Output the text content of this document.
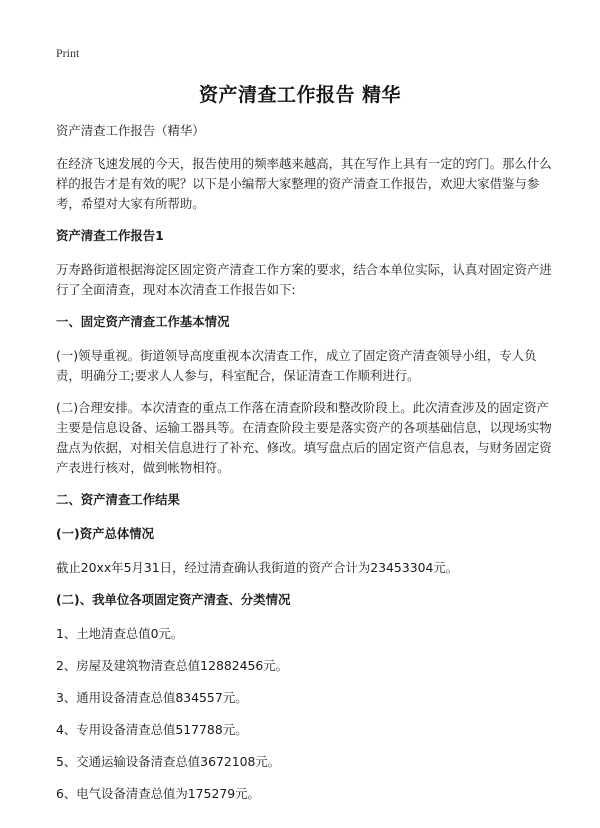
Print
资产清查工作报告 精华

资产清查工作报告（精华）

在经济飞速发展的今天，报告使用的频率越来越高，其在写作上具有一定的窍门。那么什么样的报告才是有效的呢？以下是小编帮大家整理的资产清查工作报告，欢迎大家借鉴与参考，希望对大家有所帮助。

资产清查工作报告1

万寿路街道根据海淀区固定资产清查工作方案的要求，结合本单位实际，认真对固定资产进行了全面清查，现对本次清查工作报告如下:

一、固定资产清查工作基本情况

(一)领导重视。街道领导高度重视本次清查工作，成立了固定资产清查领导小组，专人负责，明确分工;要求人人参与，科室配合，保证清查工作顺利进行。

(二)合理安排。本次清查的重点工作落在清查阶段和整改阶段上。此次清查涉及的固定资产主要是信息设备、运输工器具等。在清查阶段主要是落实资产的各项基础信息，以现场实物盘点为依据，对相关信息进行了补充、修改。填写盘点后的固定资产信息表，与财务固定资产表进行核对，做到帐物相符。

二、资产清查工作结果

(一)资产总体情况

截止20xx年5月31日，经过清查确认我街道的资产合计为23453304元。

(二)、我单位各项固定资产清查、分类情况

1、土地清查总值0元。

2、房屋及建筑物清查总值12882456元。

3、通用设备清查总值834557元。

4、专用设备清查总值517788元。

5、交通运输设备清查总值3672108元。

6、电气设备清查总值为175279元。
